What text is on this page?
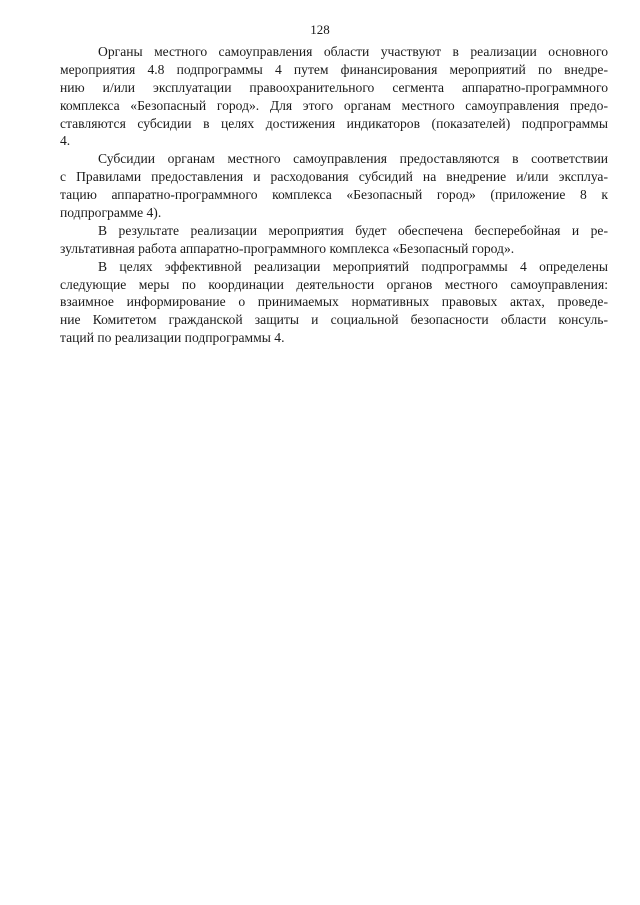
128
Органы местного самоуправления области участвуют в реализации основного
мероприятия 4.8 подпрограммы 4 путем финансирования мероприятий по внедре-
нию и/или эксплуатации правоохранительного сегмента аппаратно-программного
комплекса «Безопасный город». Для этого органам местного самоуправления предо-
ставляются субсидии в целях достижения индикаторов (показателей) подпрограммы
4.
Субсидии органам местного самоуправления предоставляются в соответствии
с Правилами предоставления и расходования субсидий на внедрение и/или эксплуа-
тацию аппаратно-программного комплекса «Безопасный город» (приложение 8 к
подпрограмме 4).
В результате реализации мероприятия будет обеспечена бесперебойная и ре-
зультативная работа аппаратно-программного комплекса «Безопасный город».
В целях эффективной реализации мероприятий подпрограммы 4 определены
следующие меры по координации деятельности органов местного самоуправления:
взаимное информирование о принимаемых нормативных правовых актах, проведе-
ние Комитетом гражданской защиты и социальной безопасности области консуль-
таций по реализации подпрограммы 4.
